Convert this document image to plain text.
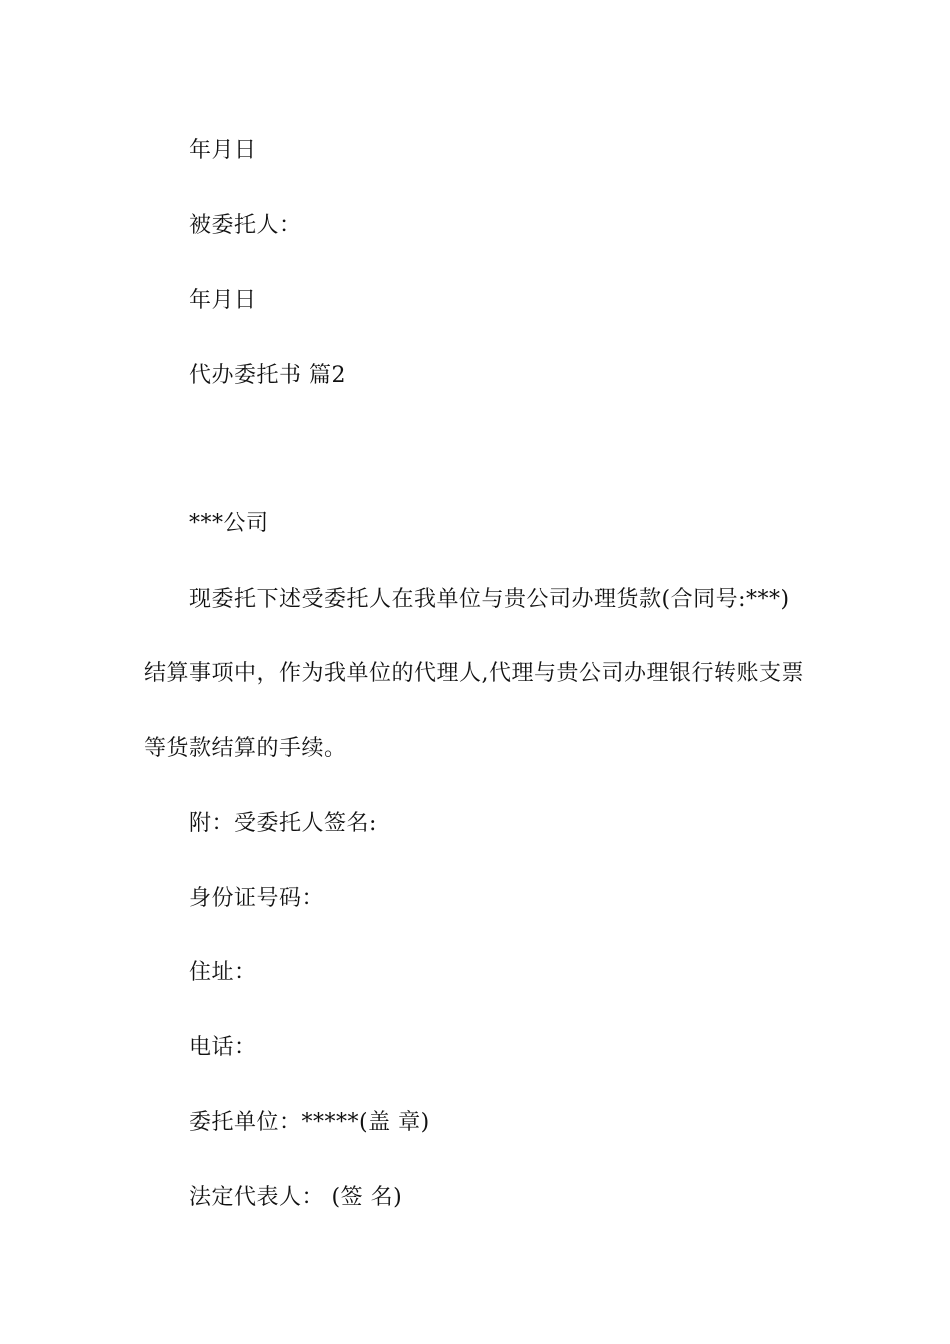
年月日
被委托人：
年月日
代办委托书 篇2
***公司
现委托下述受委托人在我单位与贵公司办理货款(合同号:***)
结算事项中，作为我单位的代理人,代理与贵公司办理银行转账支票
等货款结算的手续。
附：受委托人签名:
身份证号码：
住址：
电话：
委托单位：*****(盖 章)
法定代表人： (签 名)
